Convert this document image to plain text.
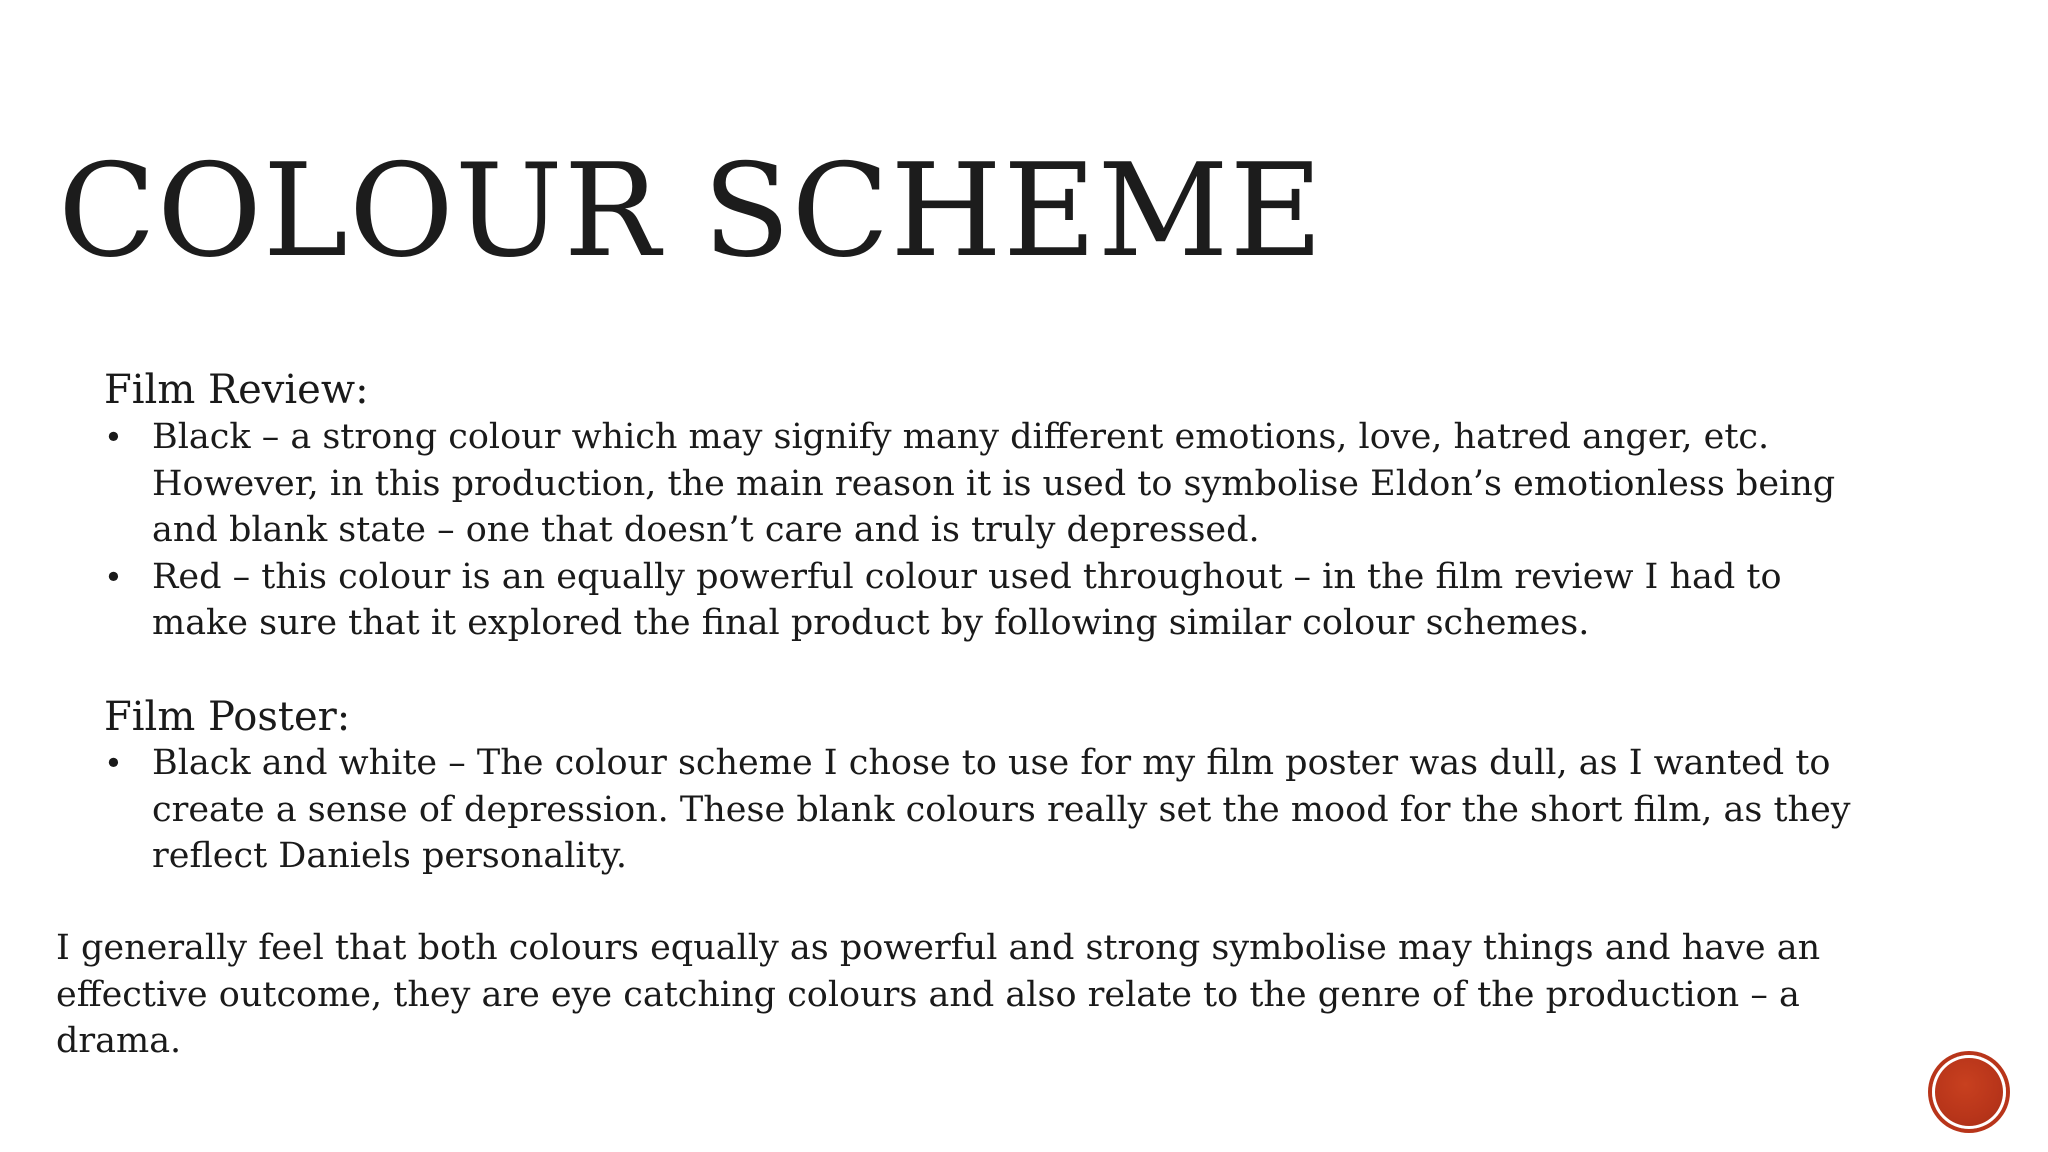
COLOUR SCHEME
Film Review:
• Black – a strong colour which may signify many different emotions, love, hatred anger, etc. However, in this production, the main reason it is used to symbolise Eldon’s emotionless being and blank state – one that doesn’t care and is truly depressed.
• Red – this colour is an equally powerful colour used throughout – in the film review I had to make sure that it explored the final product by following similar colour schemes.
Film Poster:
• Black and white – The colour scheme I chose to use for my film poster was dull, as I wanted to create a sense of depression. These blank colours really set the mood for the short film, as they reflect Daniels personality.

I generally feel that both colours equally as powerful and strong symbolise may things and have an effective outcome, they are eye catching colours and also relate to the genre of the production – a drama.
